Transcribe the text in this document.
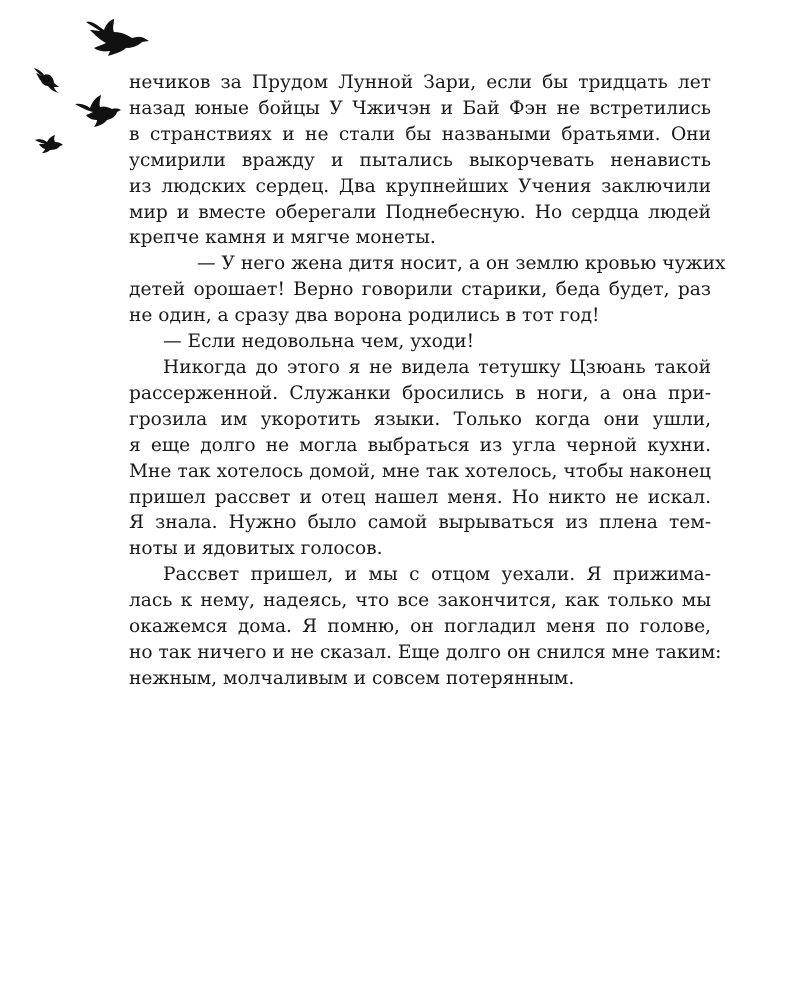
нечиков за Прудом Лунной Зари, если бы тридцать лет
назад юные бойцы У Чжичэн и Бай Фэн не встретились
в странствиях и не стали бы назваными братьями. Они
усмирили вражду и пытались выкорчевать ненависть
из людских сердец. Два крупнейших Учения заключили
мир и вместе оберегали Поднебесную. Но сердца людей
крепче камня и мягче монеты.

— У него жена дитя носит, а он землю кровью чужих
детей орошает! Верно говорили старики, беда будет, раз
не один, а сразу два ворона родились в тот год!

— Если недовольна чем, уходи!

Никогда до этого я не видела тетушку Цзюань такой
рассерженной. Служанки бросились в ноги, а она при-
грозила им укоротить языки. Только когда они ушли,
я еще долго не могла выбраться из угла черной кухни.
Мне так хотелось домой, мне так хотелось, чтобы наконец
пришел рассвет и отец нашел меня. Но никто не искал.
Я знала. Нужно было самой вырываться из плена тем-
ноты и ядовитых голосов.

Рассвет пришел, и мы с отцом уехали. Я прижима-
лась к нему, надеясь, что все закончится, как только мы
окажемся дома. Я помню, он погладил меня по голове,
но так ничего и не сказал. Еще долго он снился мне таким:
нежным, молчаливым и совсем потерянным.
